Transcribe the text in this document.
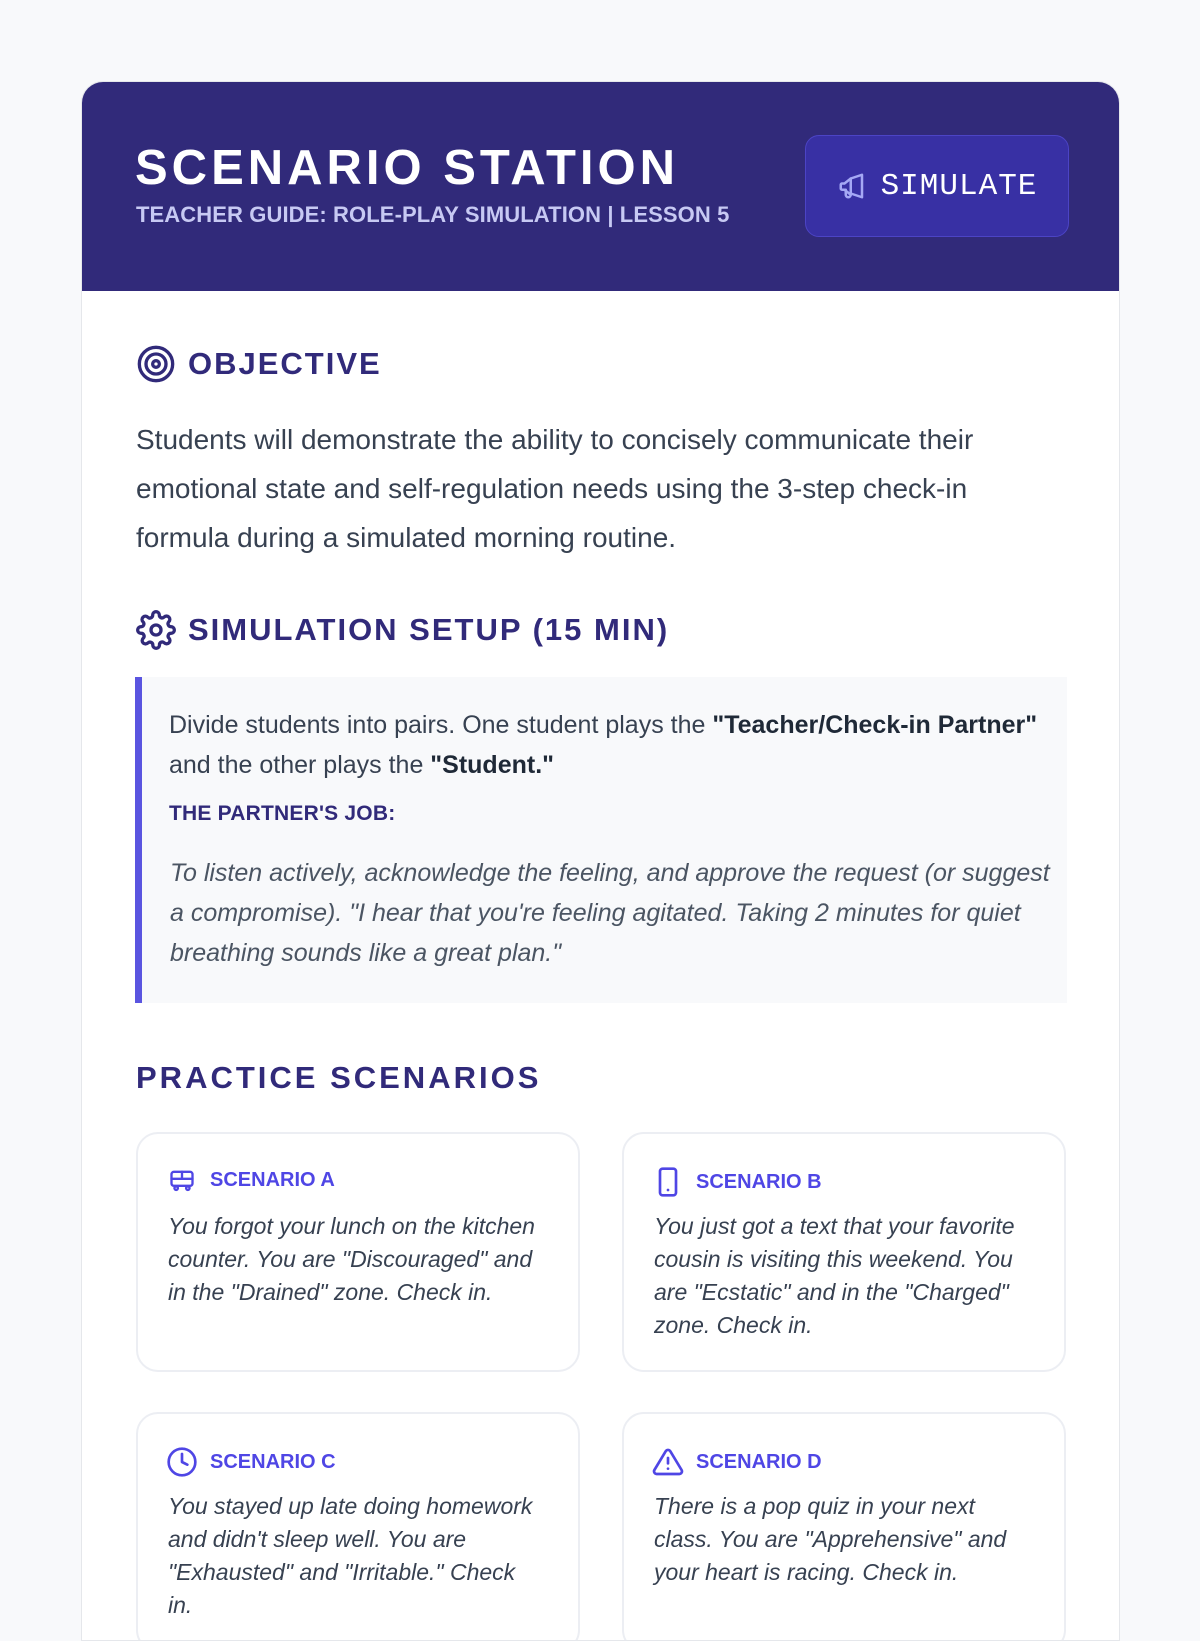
SCENARIO STATION
TEACHER GUIDE: ROLE-PLAY SIMULATION | LESSON 5
SIMULATE
OBJECTIVE

Students will demonstrate the ability to concisely communicate their emotional state and self-regulation needs using the 3-step check-in formula during a simulated morning routine.

SIMULATION SETUP (15 MIN)

Divide students into pairs. One student plays the "Teacher/Check-in Partner" and the other plays the "Student."

THE PARTNER'S JOB:

To listen actively, acknowledge the feeling, and approve the request (or suggest a compromise). "I hear that you're feeling agitated. Taking 2 minutes for quiet breathing sounds like a great plan."

PRACTICE SCENARIOS
SCENARIO A

You forgot your lunch on the kitchen counter. You are "Discouraged" and in the "Drained" zone. Check in.

SCENARIO B

You just got a text that your favorite cousin is visiting this weekend. You are "Ecstatic" and in the "Charged" zone. Check in.

SCENARIO C

You stayed up late doing homework and didn't sleep well. You are "Exhausted" and "Irritable." Check in.

SCENARIO D

There is a pop quiz in your next class. You are "Apprehensive" and your heart is racing. Check in.
